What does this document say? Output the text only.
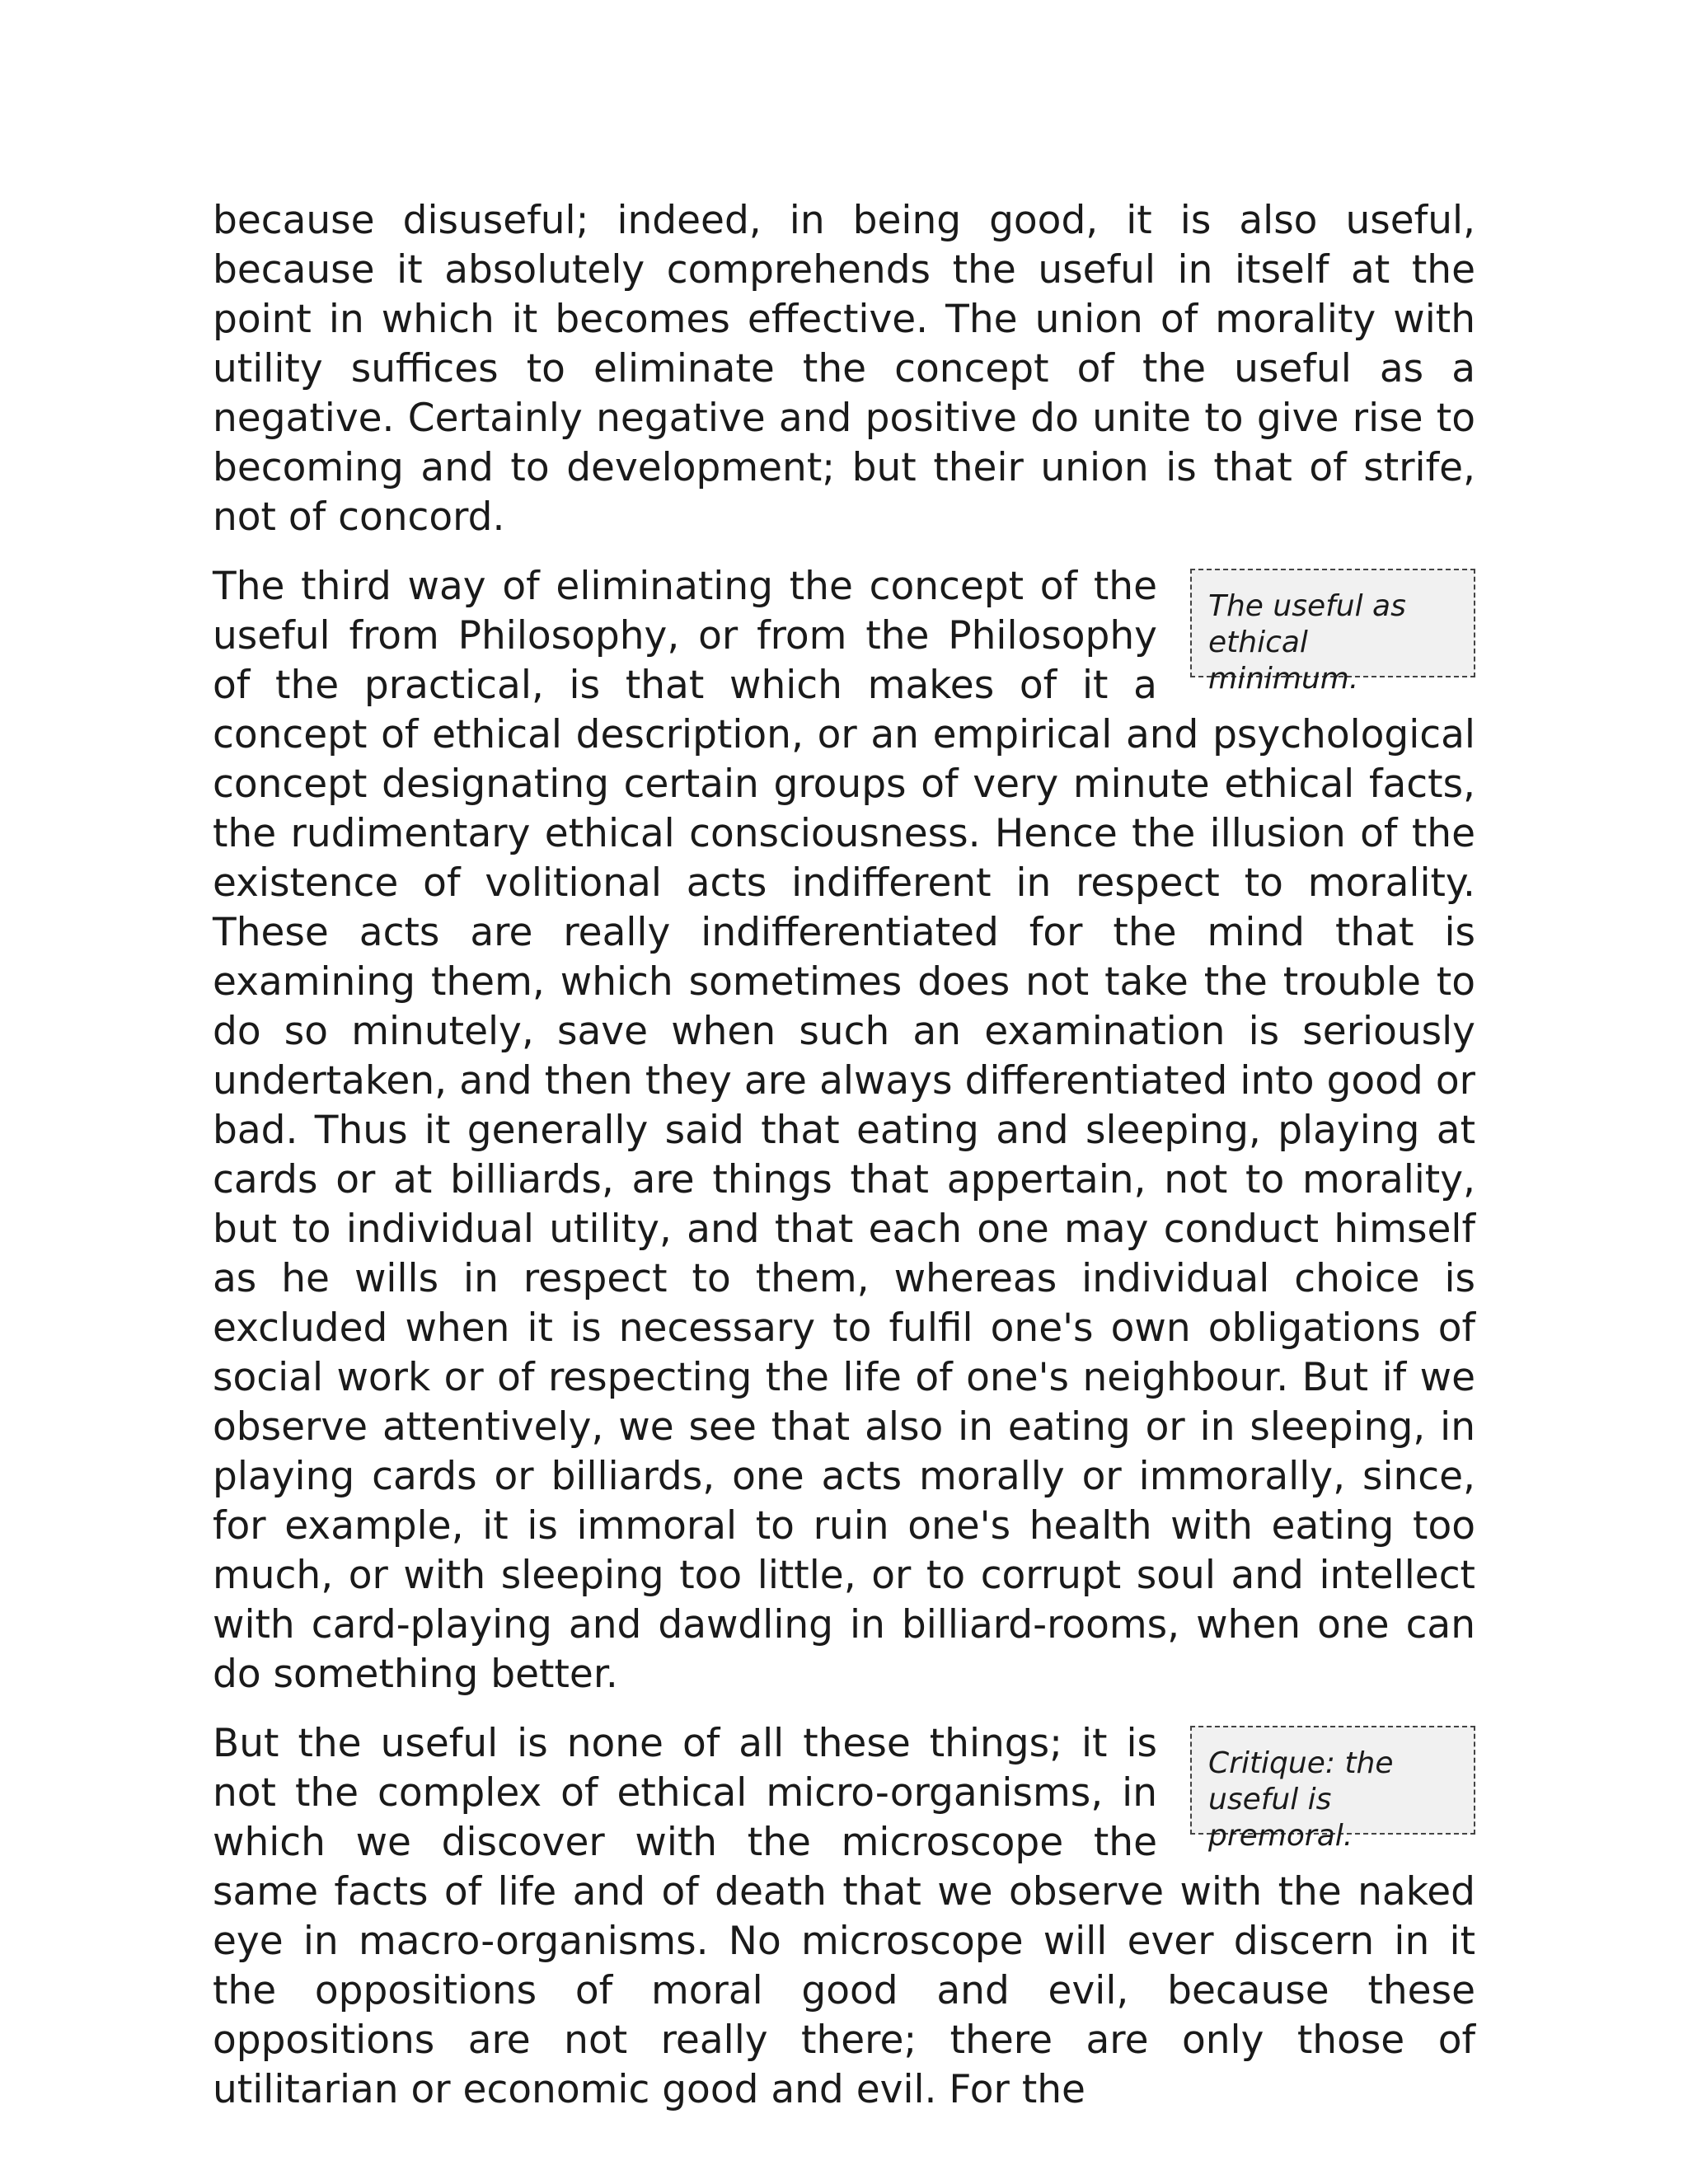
because disuseful; indeed, in being good, it is also useful, because it absolutely comprehends the useful in itself at the point in which it becomes effective. The union of morality with utility suffices to eliminate the concept of the useful as a negative. Certainly negative and positive do unite to give rise to becoming and to development; but their union is that of strife, not of concord.

The useful as
ethical minimum.
The third way of eliminating the concept of the useful from Philosophy, or from the Philosophy of the practical, is that which makes of it a concept of ethical description, or an empirical and psychological concept designating certain groups of very minute ethical facts, the rudimentary ethical consciousness. Hence the illusion of the existence of volitional acts indifferent in respect to morality. These acts are really indifferentiated for the mind that is examining them, which sometimes does not take the trouble to do so minutely, save when such an examination is seriously undertaken, and then they are always differentiated into good or bad. Thus it generally said that eating and sleeping, playing at cards or at billiards, are things that appertain, not to morality, but to individual utility, and that each one may conduct himself as he wills in respect to them, whereas individual choice is excluded when it is necessary to fulfil one's own obligations of social work or of respecting the life of one's neighbour. But if we observe attentively, we see that also in eating or in sleeping, in playing cards or billiards, one acts morally or immorally, since, for example, it is immoral to ruin one's health with eating too much, or with sleeping too little, or to corrupt soul and intellect with card-playing and dawdling in billiard-rooms, when one can do something better.
Critique: the
useful is premoral.
But the useful is none of all these things; it is not the complex of ethical micro-organisms, in which we discover with the microscope the same facts of life and of death that we observe with the naked eye in macro-organisms. No microscope will ever discern in it the oppositions of moral good and evil, because these oppositions are not really there; there are only those of utilitarian or economic good and evil. For the
